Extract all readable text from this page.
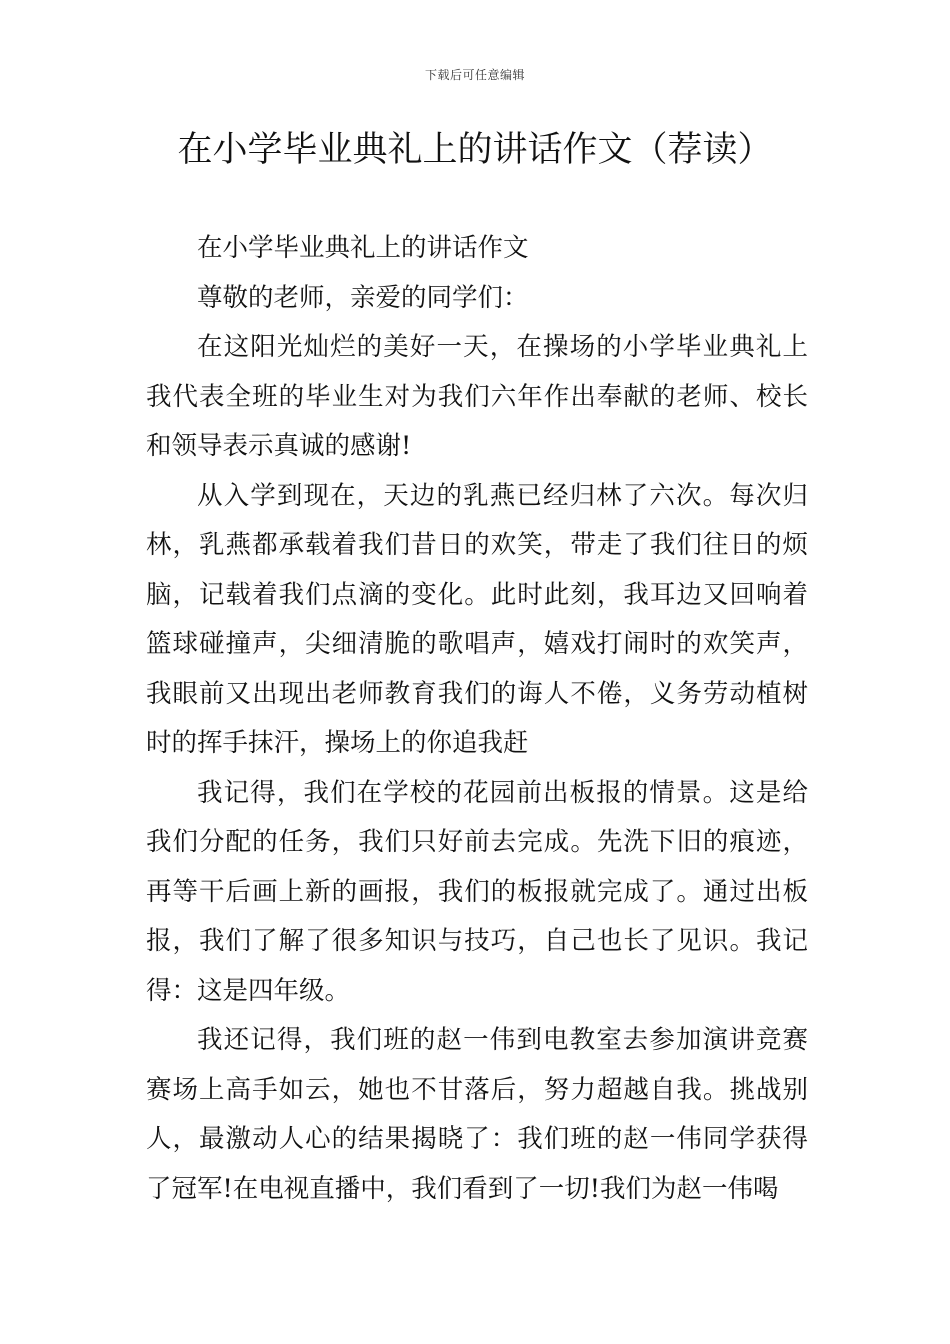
下载后可任意编辑
在小学毕业典礼上的讲话作文（荐读）

在小学毕业典礼上的讲话作文

尊敬的老师，亲爱的同学们：

在这阳光灿烂的美好一天，在操场的小学毕业典礼上我代表全班的毕业生对为我们六年作出奉献的老师、校长和领导表示真诚的感谢!

从入学到现在，天边的乳燕已经归林了六次。每次归林，乳燕都承载着我们昔日的欢笑，带走了我们往日的烦脑，记载着我们点滴的变化。此时此刻，我耳边又回响着篮球碰撞声，尖细清脆的歌唱声，嬉戏打闹时的欢笑声，我眼前又出现出老师教育我们的诲人不倦，义务劳动植树时的挥手抹汗，操场上的你追我赶

我记得，我们在学校的花园前出板报的情景。这是给我们分配的任务，我们只好前去完成。先洗下旧的痕迹，再等干后画上新的画报，我们的板报就完成了。通过出板报，我们了解了很多知识与技巧，自己也长了见识。我记得：这是四年级。

我还记得，我们班的赵一伟到电教室去参加演讲竞赛赛场上高手如云，她也不甘落后，努力超越自我。挑战别人，最激动人心的结果揭晓了：我们班的赵一伟同学获得了冠军!在电视直播中，我们看到了一切!我们为赵一伟喝
